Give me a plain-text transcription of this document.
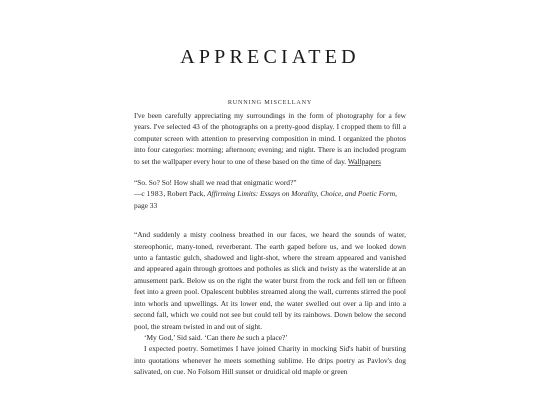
APPRECIATED
RUNNING MISCELLANY

I've been carefully appreciating my surroundings in the form of photography for a few years. I've selected 43 of the photographs on a pretty-good display. I cropped them to fill a computer screen with attention to preserving composition in mind. I organized the photos into four categories: morning; afternoon; evening; and night. There is an included program to set the wallpaper every hour to one of these based on the time of day. Wallpapers

“So. So? So! How shall we read that enigmatic word?”

—c 1983, Robert Pack, Affirming Limits: Essays on Morality, Choice, and Poetic Form, page 33

“And suddenly a misty coolness breathed in our faces, we heard the sounds of water, stereophonic, many-toned, reverberant. The earth gaped before us, and we looked down unto a fantastic gulch, shadowed and light-shot, where the stream appeared and vanished and appeared again through grottoes and potholes as slick and twisty as the waterslide at an amusement park. Below us on the right the water burst from the rock and fell ten or fifteen feet into a green pool. Opalescent bubbles streamed along the wall, currents stirred the pool into whorls and upwellings. At its lower end, the water swelled out over a lip and into a second fall, which we could not see but could tell by its rainbows. Down below the second pool, the stream twisted in and out of sight.

‘My God,’ Sid said. ‘Can there be such a place?’

I expected poetry. Sometimes I have joined Charity in mocking Sid's habit of bursting into quotations whenever he meets something sublime. He drips poetry as Pavlov's dog salivated, on cue. No Folsom Hill sunset or druidical old maple or green
